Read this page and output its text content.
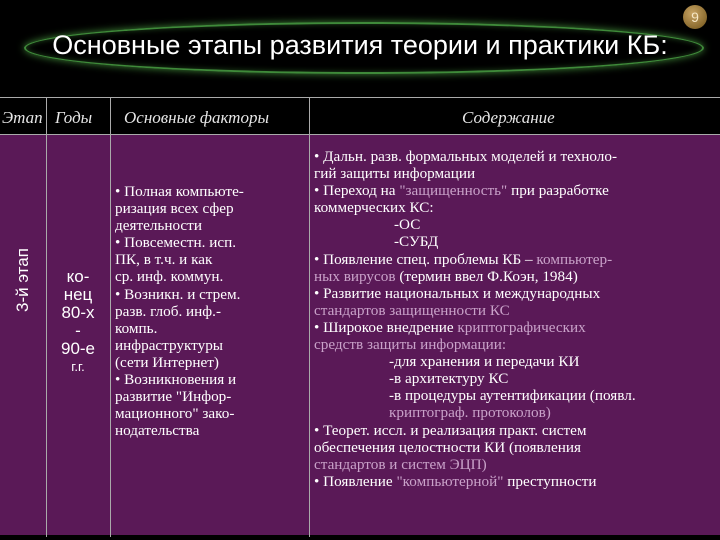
9
Основные этапы развития теории и практики КБ:
Этап Годы Основные факторы	Содержание
3-й этап	ко-
нец
80-х
-
90-е
г.г.
• Полная компьюте-
ризация всех сфер
деятельности
• Повсеместн. исп.
ПК, в т.ч. и как
ср. инф. коммун.
• Возникн. и стрем.
разв. глоб. инф.-
компь.
инфраструктуры
(сети Интернет)
• Возникновения и
развитие "Инфор-
мационного" зако-
нодательства
• Дальн. разв. формальных моделей и техноло-
гий защиты информации
• Переход на "защищенность" при разработке
коммерческих КС:
-ОС
-СУБД
• Появление спец. проблемы КБ – компьютер-
ных вирусов (термин ввел Ф.Коэн, 1984)
• Развитие национальных и международных
стандартов защищенности КС
• Широкое внедрение криптографических
средств защиты информации:
-для хранения и передачи КИ
-в архитектуру КС
-в процедуры аутентификации (появл.
криптограф. протоколов)
• Теорет. иссл. и реализация практ. систем
обеспечения целостности КИ (появления
стандартов и систем ЭЦП)
• Появление "компьютерной" преступности
